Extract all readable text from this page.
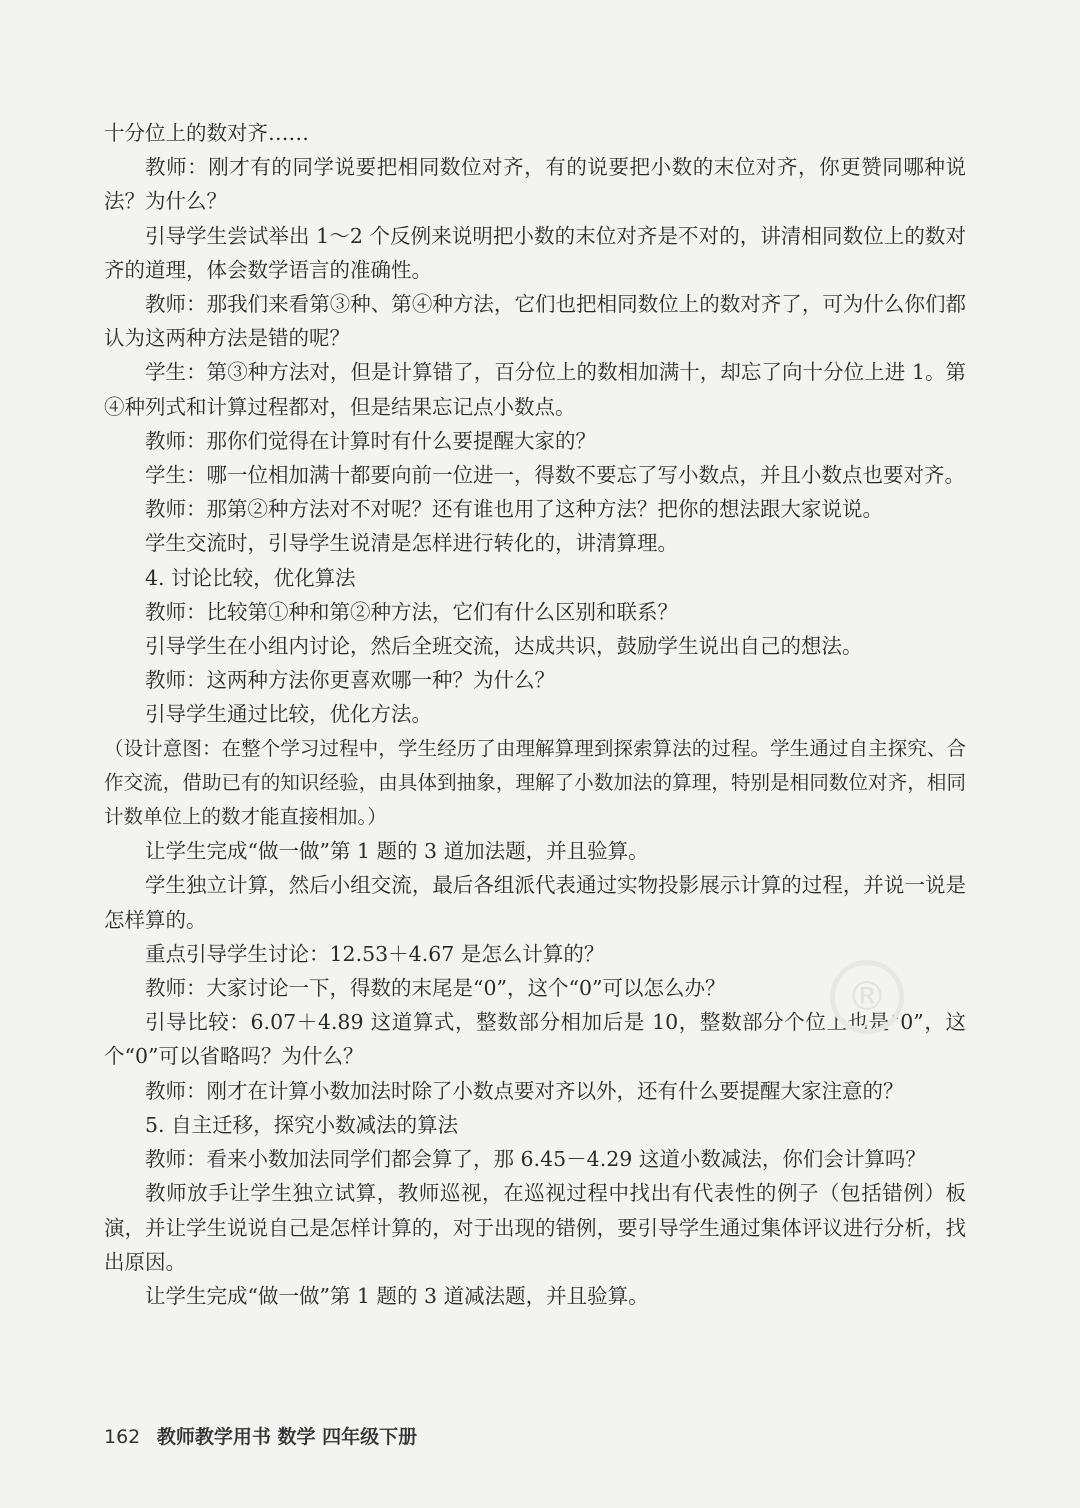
十分位上的数对齐……

教师：刚才有的同学说要把相同数位对齐，有的说要把小数的末位对齐，你更赞同哪种说法？为什么？

引导学生尝试举出 1～2 个反例来说明把小数的末位对齐是不对的，讲清相同数位上的数对齐的道理，体会数学语言的准确性。

教师：那我们来看第③种、第④种方法，它们也把相同数位上的数对齐了，可为什么你们都认为这两种方法是错的呢？

学生：第③种方法对，但是计算错了，百分位上的数相加满十，却忘了向十分位上进 1。第④种列式和计算过程都对，但是结果忘记点小数点。

教师：那你们觉得在计算时有什么要提醒大家的？

学生：哪一位相加满十都要向前一位进一，得数不要忘了写小数点，并且小数点也要对齐。

教师：那第②种方法对不对呢？还有谁也用了这种方法？把你的想法跟大家说说。

学生交流时，引导学生说清是怎样进行转化的，讲清算理。

4. 讨论比较，优化算法

教师：比较第①种和第②种方法，它们有什么区别和联系？

引导学生在小组内讨论，然后全班交流，达成共识，鼓励学生说出自己的想法。

教师：这两种方法你更喜欢哪一种？为什么？

引导学生通过比较，优化方法。

（设计意图：在整个学习过程中，学生经历了由理解算理到探索算法的过程。学生通过自主探究、合作交流，借助已有的知识经验，由具体到抽象，理解了小数加法的算理，特别是相同数位对齐，相同计数单位上的数才能直接相加。）

让学生完成“做一做”第 1 题的 3 道加法题，并且验算。

学生独立计算，然后小组交流，最后各组派代表通过实物投影展示计算的过程，并说一说是怎样算的。

重点引导学生讨论：12.53＋4.67 是怎么计算的？

教师：大家讨论一下，得数的末尾是“0”，这个“0”可以怎么办？

引导比较：6.07＋4.89 这道算式，整数部分相加后是 10，整数部分个位上也是“0”，这个“0”可以省略吗？为什么？

教师：刚才在计算小数加法时除了小数点要对齐以外，还有什么要提醒大家注意的？

5. 自主迁移，探究小数减法的算法

教师：看来小数加法同学们都会算了，那 6.45－4.29 这道小数减法，你们会计算吗？

教师放手让学生独立试算，教师巡视，在巡视过程中找出有代表性的例子（包括错例）板演，并让学生说说自己是怎样计算的，对于出现的错例，要引导学生通过集体评议进行分析，找出原因。

让学生完成“做一做”第 1 题的 3 道减法题，并且验算。

®
162 教师教学用书 数学 四年级下册
